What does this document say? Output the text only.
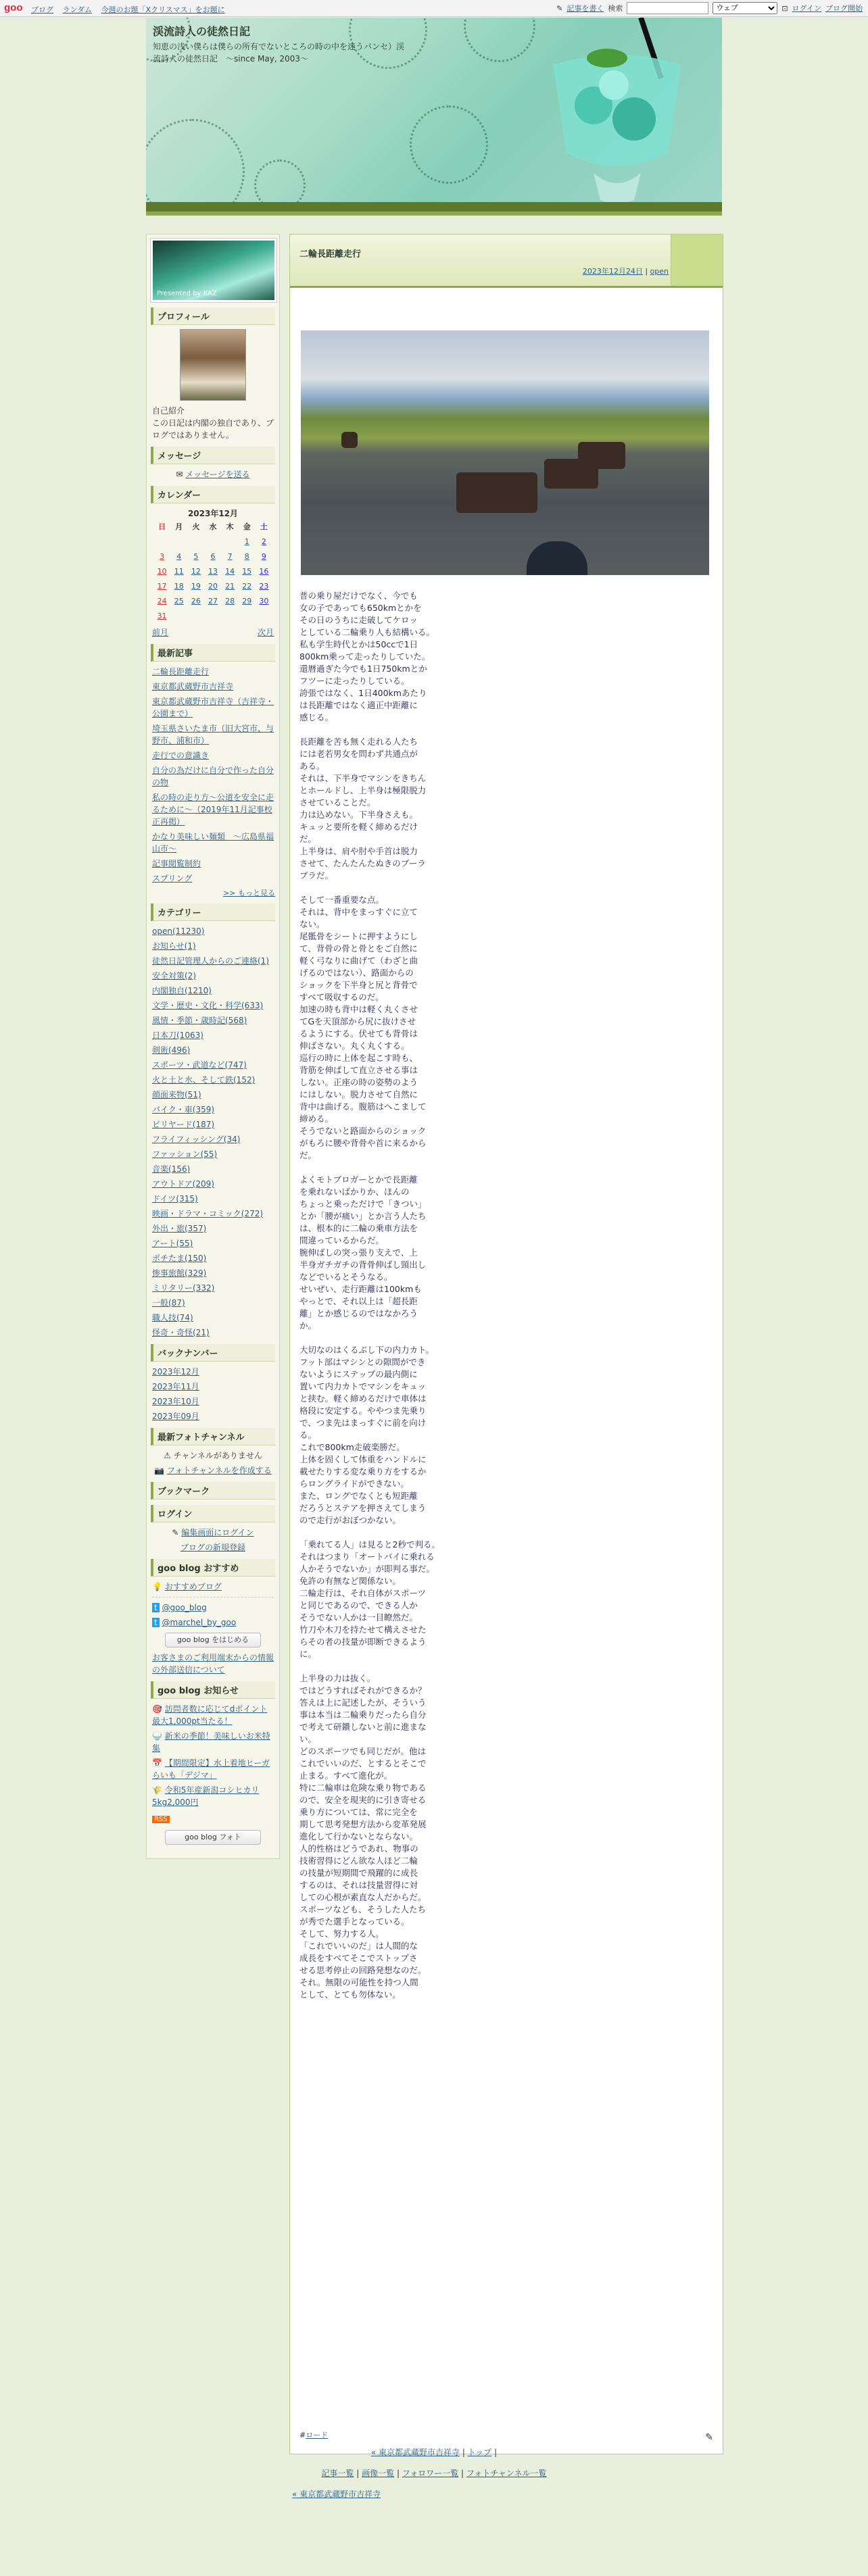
goo ブログ ランダム 今週のお題「Xクリスマス」をお題に	✎ 記事を書く 検索
ウェブ	⊡ ログイン ブログ開始
渓流詩人の徒然日記
知恵の浅い僕らは僕らの所有でないところの時の中を迷うパンセ）渓流詩人の徒然日記　〜since May, 2003〜
Presented by KAZ
プロフィール
自己紹介
この日記は内閣の独自であり、ブログではありません。
メッセージ
✉ メッセージを送る
カレンダー
2023年12月
日	月	火	水	木	金	土
					1	2
3	4	5	6	7	8	9
10	11	12	13	14	15	16
17	18	19	20	21	22	23
24	25	26	27	28	29	30
31						
前月	次月
最新記事
二輪長距離走行
東京都武蔵野市吉祥寺
東京都武蔵野市吉祥寺（吉祥寺・公園まで）
埼玉県さいたま市（旧大宮市、与野市、浦和市）
走行での意識き
自分の為だけに自分で作った自分の物
私の時の走り方〜公道を安全に走るために〜（2019年11月記事校正再掲）
かなり美味しい麺類　〜広島県福山市〜
記事閲覧制約
スプリング
>> もっと見る
カテゴリー
open(11230)
お知らせ(1)
徒然日記管理人からのご連絡(1)
安全対策(2)
内閣独自(1210)
文学・歴史・文化・科学(633)
風情・季節・歳時記(568)
日本刀(1063)
剣術(496)
スポーツ・武道など(747)
火と土と水、そして鉄(152)
顔面来物(51)
バイク・車(359)
ビリヤード(187)
フライフィッシング(34)
ファッション(55)
音楽(156)
アウトドア(209)
ドイツ(315)
映画・ドラマ・コミック(272)
外出・旅(357)
アート(55)
ポチたま(150)
惨事旅館(329)
ミリタリー(332)
一般(87)
職人技(74)
怪奇・奇怪(21)
バックナンバー
2023年12月
2023年11月
2023年10月
2023年09月
最新フォトチャンネル
⚠ チャンネルがありません
📷 フォトチャンネルを作成する
ブックマーク
ログイン
✎ 編集画面にログイン
ブログの新規登録
goo blog おすすめ
💡 おすすめブログ
t @goo_blog
t @marchel_by_goo
goo blog をはじめる
お客さまのご利用端末からの情報の外部送信について
goo blog お知らせ
🎯 訪問者数に応じてdポイント最大1,000pt当たる！
🍚 新米の季節！美味しいお米特集
📅 【期間限定】水上着地ヒーガらいも「デジマ」
🌾 令和5年産新潟コシヒカリ5kg2,000円
RSS
goo blog フォト
二輪長距離走行
2023年12月24日 | open

普の乗り屋だけでなく、今でも
女の子であっても650kmとかを
その日のうちに走破してケロッ
としている二輪乗り人も結構いる。
私も学生時代とかは50ccで1日
800km乗って走ったりしていた。
還暦過ぎた今でも1日750kmとか
フツーに走ったりしている。
誇張ではなく、1日400kmあたり
は長距離ではなく適正中距離に
感じる。

長距離を苦も無く走れる人たち
には老若男女を問わず共通点が
ある。
それは、下半身でマシンをきちん
とホールドし、上半身は極限脱力
させていることだ。
力は込めない。下半身さえも。
キュッと要所を軽く締めるだけ
だ。
上半身は、肩や肘や手首は脱力
させて、たんたんたぬきのブーラ
ブラだ。

そして一番重要な点。
それは、背中をまっすぐに立て
ない。
尾骶骨をシートに押すようにし
て、背骨の骨と骨とをご自然に
軽く弓なりに曲げて（わざと曲
げるのではない）、路面からの
ショックを下半身と尻と背骨で
すべて吸収するのだ。
加速の時も背中は軽く丸くさせ
てGを天頂部から尻に抜けさせ
るようにする。伏せても背骨は
伸ばさない。丸く丸くする。
巡行の時に上体を起こす時も、
背筋を伸ばして直立させる事は
しない。正座の時の姿勢のよう
にはしない。脱力させて自然に
背中は曲げる。腹筋はへこまして
締める。
そうでないと路面からのショック
がもろに腰や背骨や首に来るから
だ。

よくモトブロガーとかで長距離
を乗れないばかりか、ほんの
ちょっと乗っただけで「きつい」
とか「腰が痛い」とか言う人たち
は、根本的に二輪の乗車方法を
間違っているからだ。
腕伸ばしの突っ張り支えで、上
半身ガチガチの背骨伸ばし頸出し
などでいるとそうなる。
せいぜい、走行距離は100kmも
やっとで、それ以上は「超長距
離」とか感じるのではなかろう
か。

大切なのはくるぶし下の内力カト。
フット部はマシンとの隙間ができ
ないようにステップの最内側に
置いて内力カトでマシンをキュッ
と挟む。軽く締めるだけで車体は
格段に安定する。ややつま先乗り
で、つま先はまっすぐに前を向け
る。
これで800km走破楽勝だ。
上体を固くして体重をハンドルに
載せたりする変な乗り方をするか
らロングライドができない。
また、ロングでなくとも短距離
だろうとステアを押さえてしまう
ので走行がおぼつかない。

「乗れてる人」は見ると2秒で判る。
それはつまり「オートバイに乗れる
人かそうでないか」が即判る事だ。
免許の有無など関係ない。
二輪走行は、それ自体がスポーツ
と同じであるので、できる人か
そうでない人かは一目瞭然だ。
竹刀や木刀を持たせて構えさせた
らその者の技量が即断できるよう
に。

上半身の力は抜く。
ではどうすればそれができるか？
答えは上に記述したが、そういう
事は本当は二輪乗りだったら自分
で考えて研鑽しないと前に進まな
い。
どのスポーツでも同じだが。他は
これでいいのだ、とするとそこで
止まる。すべて進化が。
特に二輪車は危険な乗り物である
ので、安全を現実的に引き寄せる
乗り方については、常に完全を
期して思考発想方法から変革発展
進化して行かないとならない。
人的性格はどうであれ、物事の
技術習得にどん欲な人ほど二輪
の技量が短期間で飛躍的に成長
するのは、それは技量習得に対
しての心根が素直な人だからだ。
スポーツなども、そうした人たち
が秀でた選手となっている。
そして、努力する人。
「これでいいのだ」は人間的な
成長をすべてそこでストップさ
せる思考停止の回路発想なのだ。
それ。無限の可能性を持つ人間
として、とても勿体ない。

#ロード	✎
« 東京都武蔵野市吉祥寺 | トップ |
記事一覧 | 画像一覧 | フォロワー一覧 | フォトチャンネル一覧
« 東京都武蔵野市吉祥寺
